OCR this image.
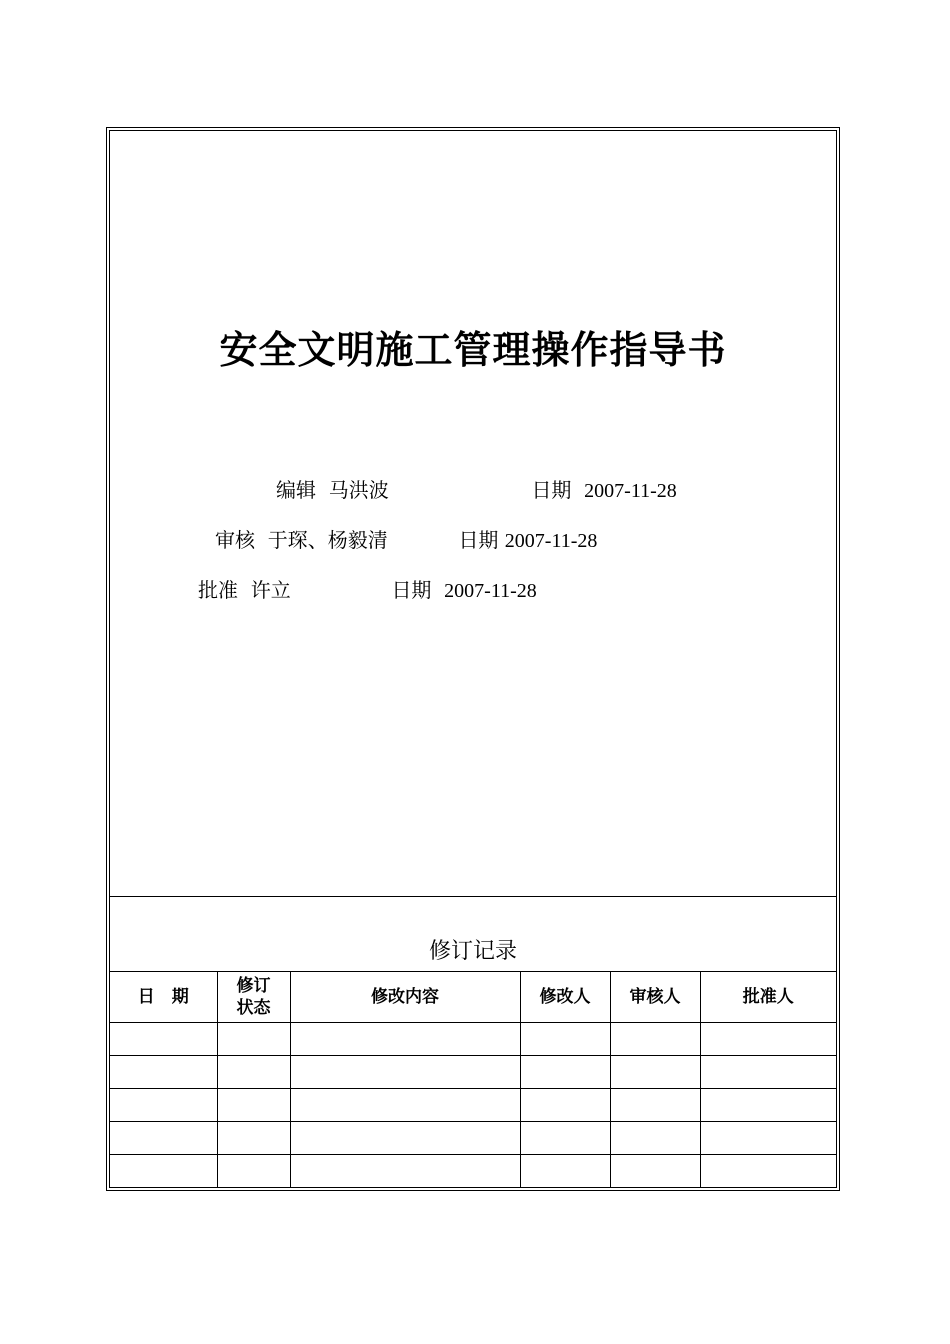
安全文明施工管理操作指导书
编辑 马洪波	日期 2007-11-28
审核 于琛、杨毅清	日期 2007-11-28
批准 许立	日期 2007-11-28
修订记录
日　期	修订状态	修改内容	修改人	审核人	批准人
